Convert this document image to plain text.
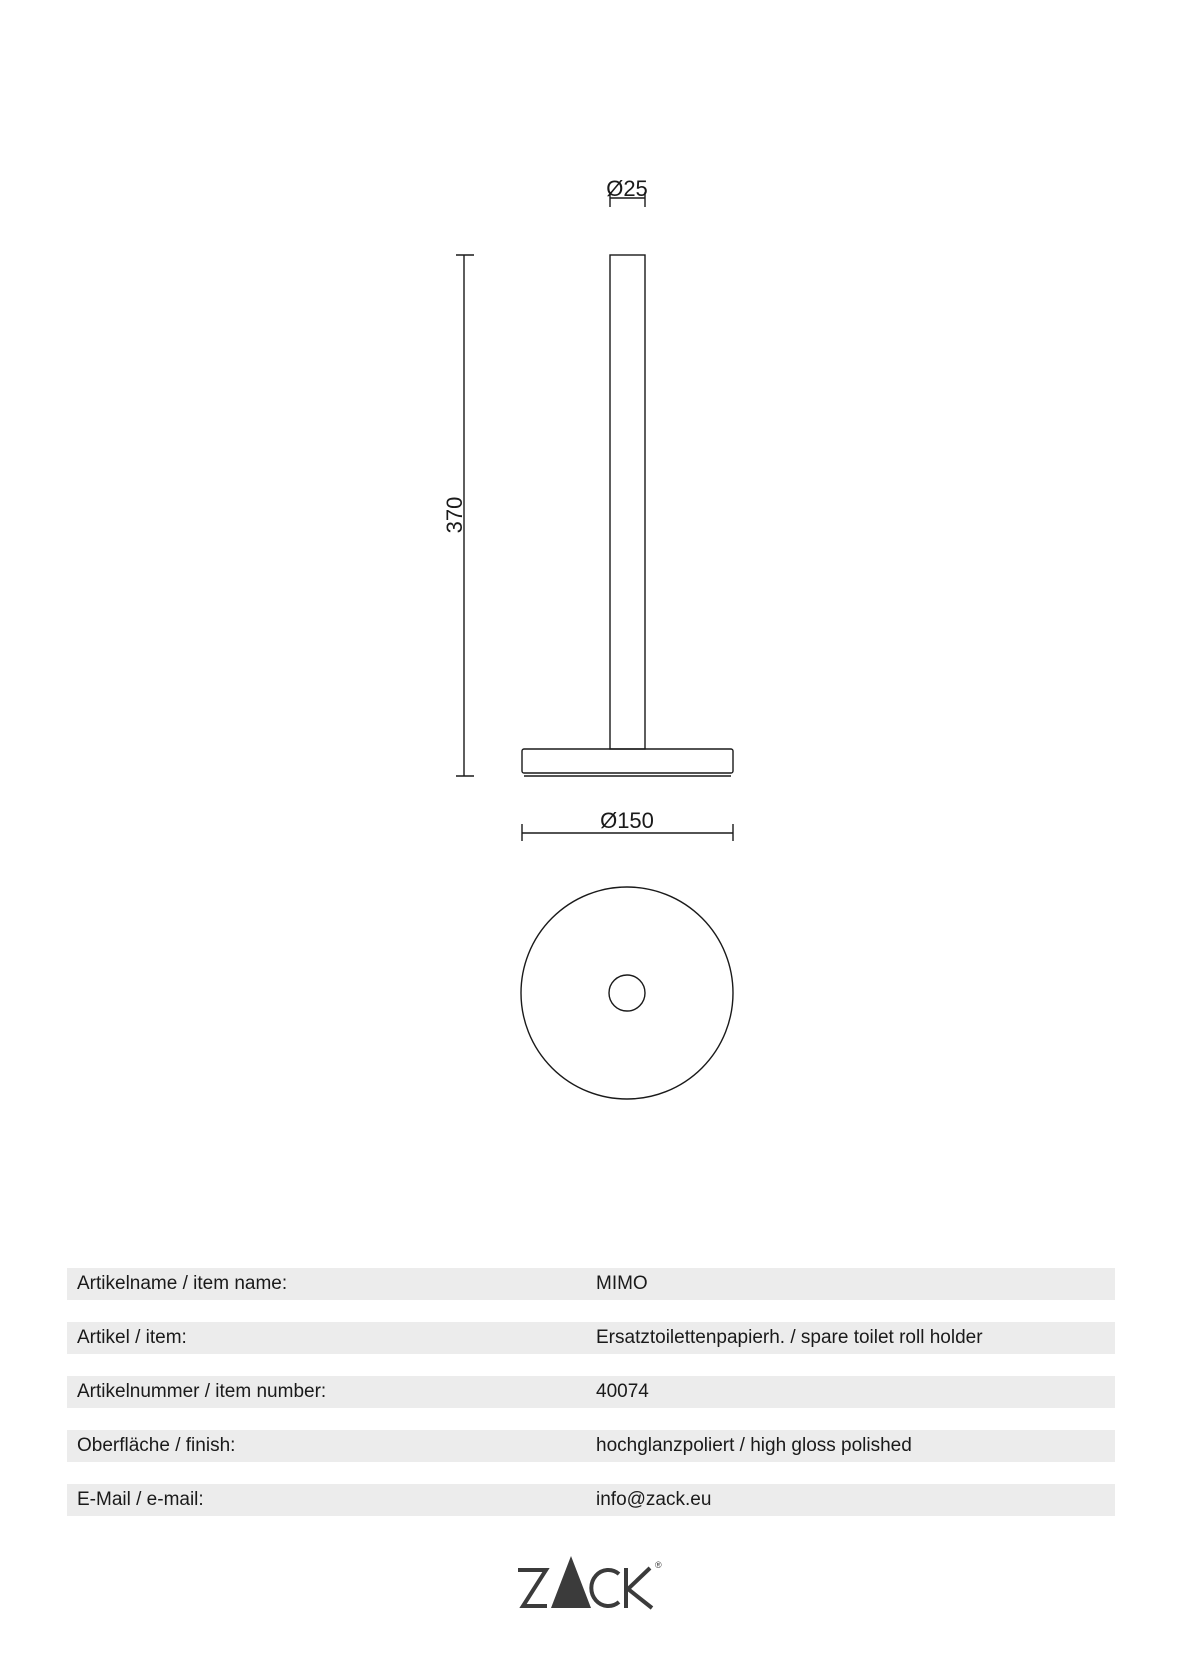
Ø25
370
Ø150
Artikelname / item name:	MIMO
Artikel / item:	Ersatztoilettenpapierh. / spare toilet roll holder
Artikelnummer / item number:	40074
Oberfläche / finish:	hochglanzpoliert / high gloss polished
E-Mail / e-mail:	info@zack.eu
®
